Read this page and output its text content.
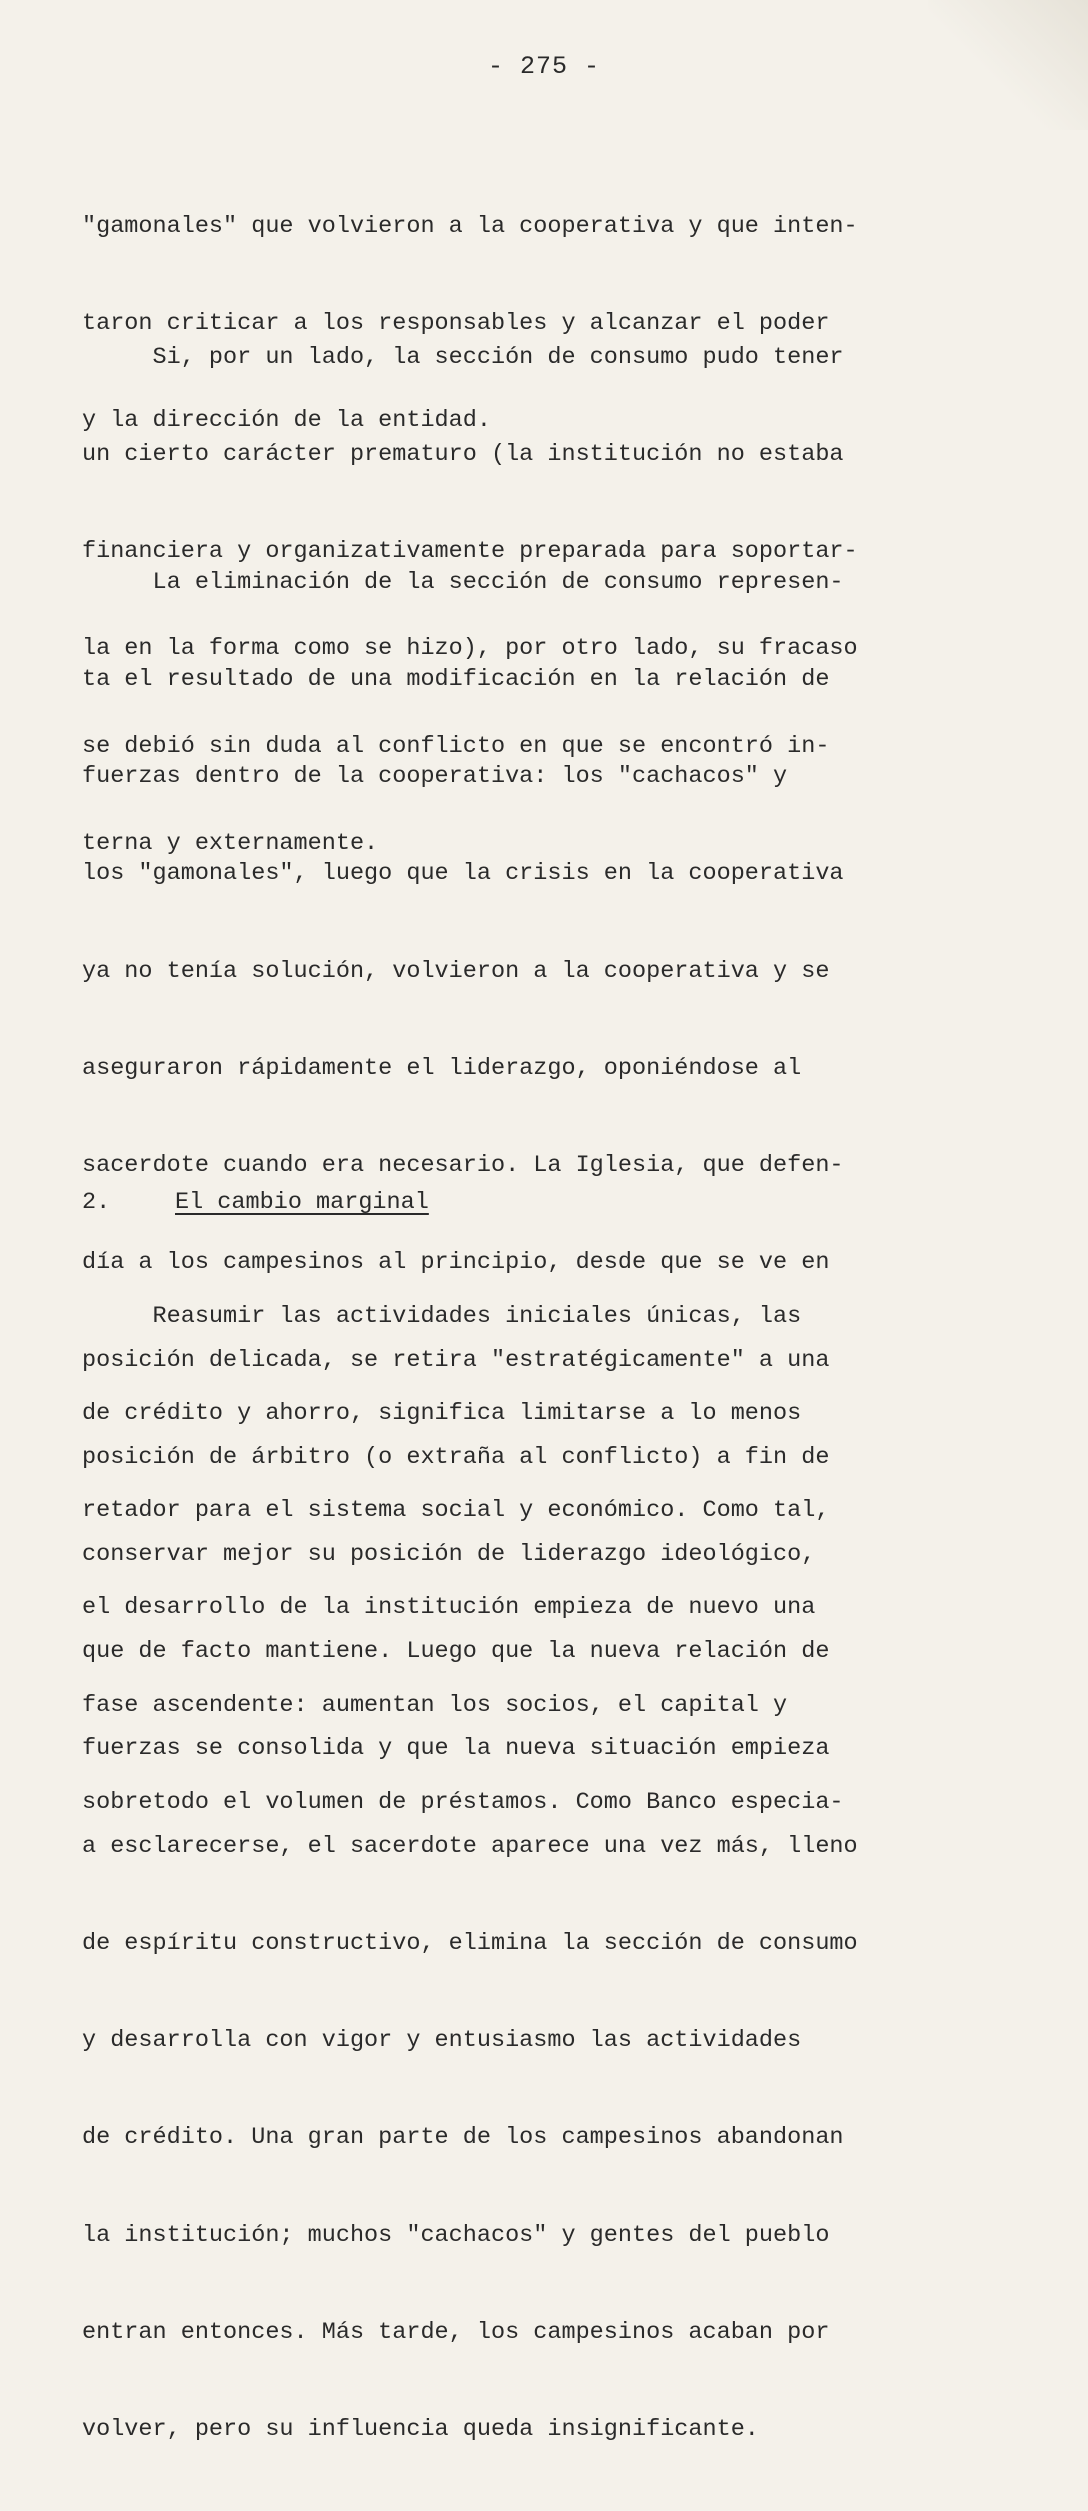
- 275 -

"gamonales" que volvieron a la cooperativa y que inten-

taron criticar a los responsables y alcanzar el poder

y la dirección de la entidad.

Si, por un lado, la sección de consumo pudo tener

un cierto carácter prematuro (la institución no estaba

financiera y organizativamente preparada para soportar-

la en la forma como se hizo), por otro lado, su fracaso

se debió sin duda al conflicto en que se encontró in-

terna y externamente.

La eliminación de la sección de consumo represen-

ta el resultado de una modificación en la relación de

fuerzas dentro de la cooperativa: los "cachacos" y

los "gamonales", luego que la crisis en la cooperativa

ya no tenía solución, volvieron a la cooperativa y se

aseguraron rápidamente el liderazgo, oponiéndose al

sacerdote cuando era necesario. La Iglesia, que defen-

día a los campesinos al principio, desde que se ve en

posición delicada, se retira "estratégicamente" a una

posición de árbitro (o extraña al conflicto) a fin de

conservar mejor su posición de liderazgo ideológico,

que de facto mantiene. Luego que la nueva relación de

fuerzas se consolida y que la nueva situación empieza

a esclarecerse, el sacerdote aparece una vez más, lleno

de espíritu constructivo, elimina la sección de consumo

y desarrolla con vigor y entusiasmo las actividades

de crédito. Una gran parte de los campesinos abandonan

la institución; muchos "cachacos" y gentes del pueblo

entran entonces. Más tarde, los campesinos acaban por

volver, pero su influencia queda insignificante.

2.	El cambio marginal

Reasumir las actividades iniciales únicas, las

de crédito y ahorro, significa limitarse a lo menos

retador para el sistema social y económico. Como tal,

el desarrollo de la institución empieza de nuevo una

fase ascendente: aumentan los socios, el capital y

sobretodo el volumen de préstamos. Como Banco especia-
